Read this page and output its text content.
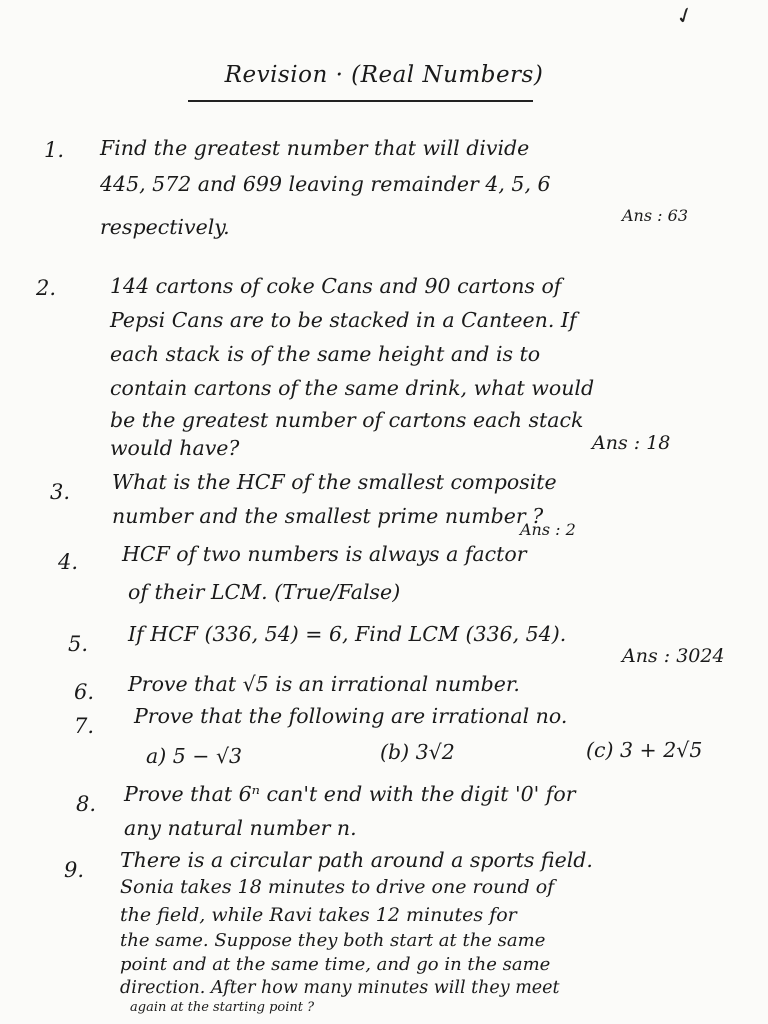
✓
Revision · (Real Numbers)
1. Find the greatest number that will divide
445, 572 and 699 leaving remainder 4, 5, 6
respectively.	Ans : 63
2.	144 cartons of coke Cans and 90 cartons of
Pepsi Cans are to be stacked in a Canteen. If
each stack is of the same height and is to
contain cartons of the same drink, what would
be the greatest number of cartons each stack
would have?	Ans : 18
3. What is the HCF of the smallest composite
number and the smallest prime number ?
Ans : 2
4. HCF of two numbers is always a factor
of their LCM. (True/False)
5. If HCF (336, 54) = 6, Find LCM (336, 54).
Ans : 3024
6. Prove that √5 is an irrational number.
7. Prove that the following are irrational no.
a) 5 − √3	(b) 3√2	(c) 3 + 2√5
8. Prove that 6ⁿ can't end with the digit '0' for
any natural number n.
9. There is a circular path around a sports field.
Sonia takes 18 minutes to drive one round of
the field, while Ravi takes 12 minutes for
the same. Suppose they both start at the same
point and at the same time, and go in the same
direction. After how many minutes will they meet
again at the starting point ?
